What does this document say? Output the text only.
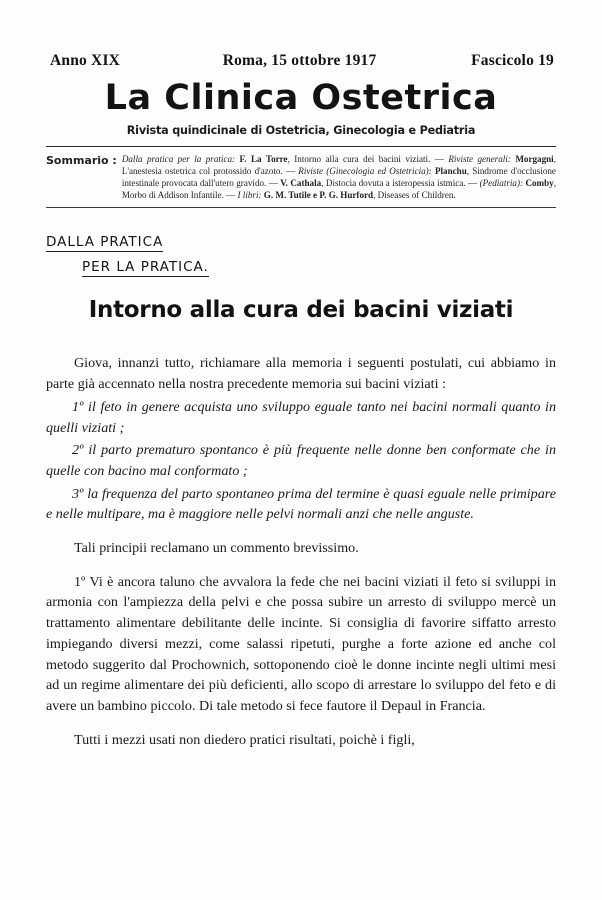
Anno XIX	Roma, 15 ottobre 1917	Fascicolo 19
La Clinica Ostetrica
Rivista quindicinale di Ostetricia, Ginecologia e Pediatria
Sommario : Dalla pratica per la pratica: F. La Torre, Intorno alla cura dei bacini viziati. — Riviste generali: Morgagni, L'anestesia ostetrica col protossido d'azoto. — Riviste (Ginecologia ed Ostetricia): Planchu, Sindrome d'occlusione intestinale provocata dall'utero gravido. — V. Cathala, Distocia dovuta a isteropessia istmica. — (Pediatria): Comby, Morbo di Addison Infantile. — I libri: G. M. Tutile e P. G. Hurford, Diseases of Children.
DALLA PRATICA
PER LA PRATICA.
Intorno alla cura dei bacini viziati

Giova, innanzi tutto, richiamare alla memoria i seguenti postulati, cui abbiamo in parte già accennato nella nostra precedente memoria sui bacini viziati :

1º il feto in genere acquista uno sviluppo eguale tanto nei bacini normali quanto in quelli viziati ;

2º il parto prematuro spontanco è più frequente nelle donne ben conformate che in quelle con bacino mal conformato ;

3º la frequenza del parto spontaneo prima del termine è quasi eguale nelle primipare e nelle multipare, ma è maggiore nelle pelvi normali anzi che nelle anguste.

Tali principii reclamano un commento brevissimo.

1º Vi è ancora taluno che avvalora la fede che nei bacini viziati il feto si sviluppi in armonia con l'ampiezza della pelvi e che possa subire un arresto di sviluppo mercè un trattamento alimentare debilitante delle incinte. Si consiglia di favorire siffatto arresto impiegando diversi mezzi, come salassi ripetuti, purghe a forte azione ed anche col metodo suggerito dal Prochownich, sottoponendo cioè le donne incinte negli ultimi mesi ad un regime alimentare dei più deficienti, allo scopo di arrestare lo sviluppo del feto e di avere un bambino piccolo. Di tale metodo si fece fautore il Depaul in Francia.

Tutti i mezzi usati non diedero pratici risultati, poichè i figli,
